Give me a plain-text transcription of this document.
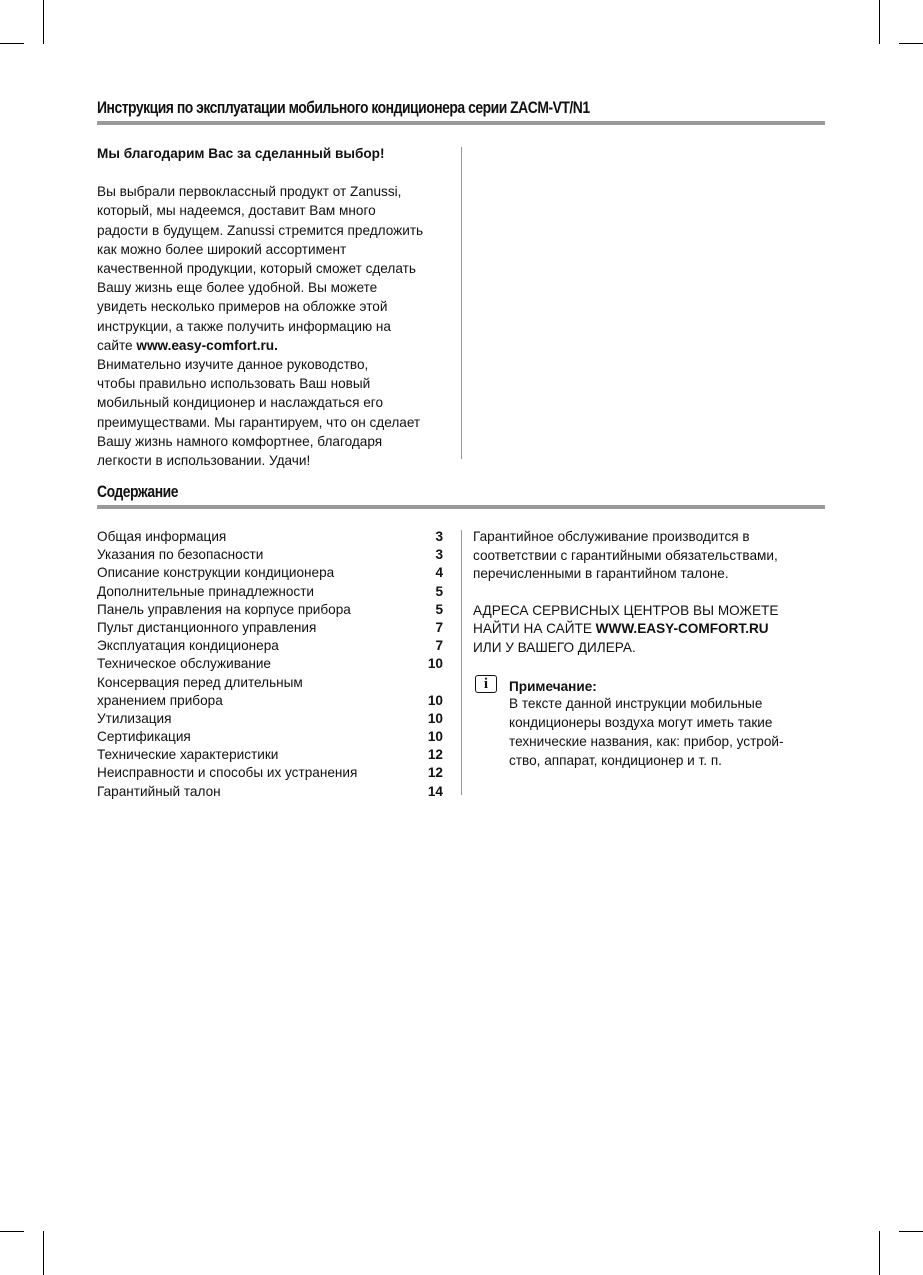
Инструкция по эксплуатации мобильного кондиционера серии ZACM-VT/N1

Мы благодарим Вас за сделанный выбор!

Вы выбрали первоклассный продукт от Zanussi,

который, мы надеемся, доставит Вам много

радости в будущем. Zanussi стремится предложить

как можно более широкий ассортимент

качественной продукции, который сможет сделать

Вашу жизнь еще более удобной. Вы можете

увидеть несколько примеров на обложке этой

инструкции, а также получить информацию на

сайте www.easy-comfort.ru.

Внимательно изучите данное руководство,

чтобы правильно использовать Ваш новый

мобильный кондиционер и наслаждаться его

преимуществами. Мы гарантируем, что он сделает

Вашу жизнь намного комфортнее, благодаря

легкости в использовании. Удачи!

Содержание
Общая информация	3
Указания по безопасности	3
Описание конструкции кондиционера	4
Дополнительные принадлежности	5
Панель управления на корпусе прибора	5
Пульт дистанционного управления	7
Эксплуатация кондиционера	7
Техническое обслуживание	10
Консервация перед длительным
хранением прибора	10
Утилизация	10
Сертификация	10
Технические характеристики	12
Неисправности и способы их устранения	12
Гарантийный талон	14

Гарантийное обслуживание производится в

соответствии с гарантийными обязательствами,

перечисленными в гарантийном талоне.

АДРЕСА СЕРВИСНЫХ ЦЕНТРОВ ВЫ МОЖЕТЕ

НАЙТИ НА САЙТЕ WWW.EASY-COMFORT.RU

ИЛИ У ВАШЕГО ДИЛЕРА.

i	Примечание:
В тексте данной инструкции мобильные
кондиционеры воздуха могут иметь такие
технические названия, как: прибор, устрой-
ство, аппарат, кондиционер и т. п.
